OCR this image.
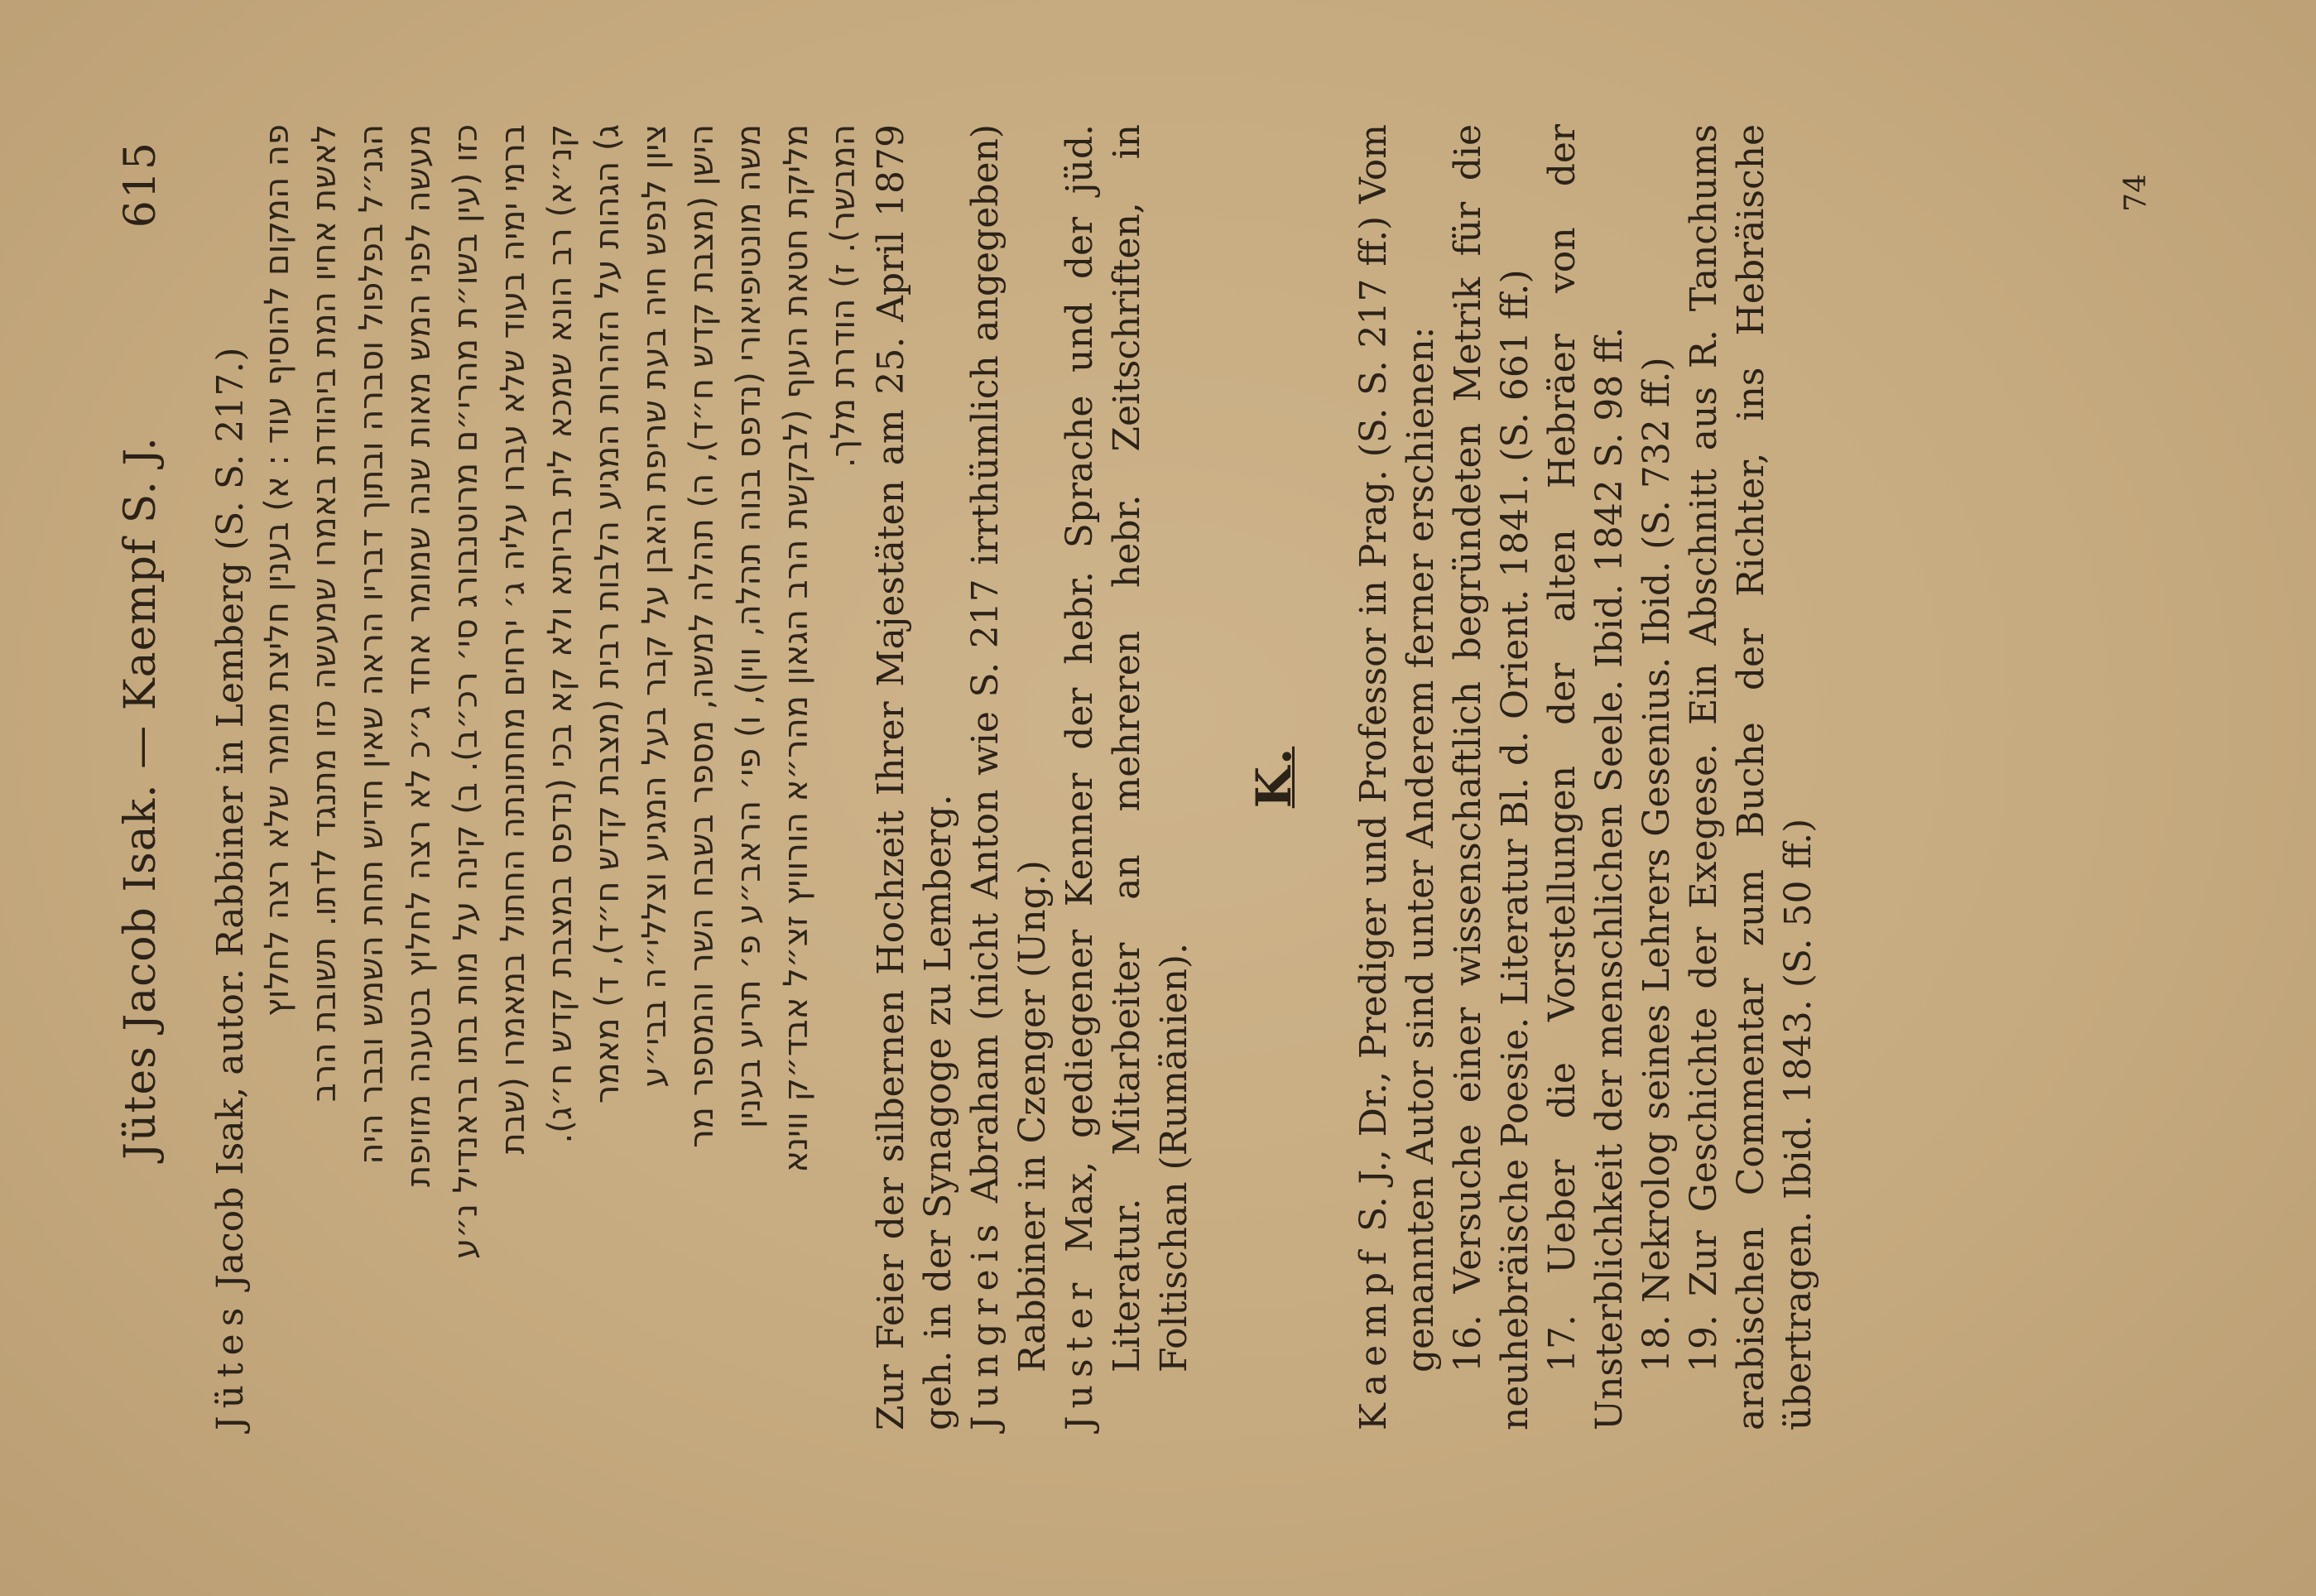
Jütes Jacob Isak. — Kaempf S. J.
615

Jütes Jacob Isak, autor. Rabbiner in Lemberg (S. S. 217.) פה המקום להוסיף עוד : א) בענין חליצת מומר שלא רצה לחלוץ לאשת אחיו המת ביהודת באמרו שמעשה כזו מתנגד לדתו. תשובת הרב הגנ״ל בפלפול וסברה ובתוך דבריו הראה שאין חדיש תחת השמש ובבר היה מעשה לפני המש מאות שנה שמומר אחד ג״כ לא רצה לחלוץ בטענה מזויפת כזו (עין בשו״ת מהרי״ם מרוטנבורג סי׳ רכ״ב). ב) קינה על מות בתו בראנדיל נ״ע ברמי ימיה בעוד שלא עברו עליה ג׳ ירחים מחתונתה החתול במאמרו (שבת קנ״א) רב הונא שמכא לית בריתא ולא קא בכי (נדפס במצבת קדש ח״ג). ג) הגהות על הזהרות המגיע הלבות רבית (מצבת קדש ח״ד), ד) מאמר ציון לנפש חיה בעת שריפת האבן על קבר בעל המגיע וצללי״ה בבי״ע הישן (מצבת קדש ח״ד), ה) תהלה למשה, מספר בשבח השר והמספר מר משה מונטיפיאורי (נדפס בנוה תהלה, ווין), ו) פי׳ הראב״ע פ׳ תריע בענין מליקת חטאת העוף (לבקשת הרב הגאון מהר״א הורוויץ זצ״ל אבד״ק ווינא המבשר). ז) הודרת מלך. Zur Feier der silbernen Hochzeit Ihrer Majestäten am 25. April 1879 geh. in der Synagoge zu Lemberg. Jungreis Abraham (nicht Anton wie S. 217 irrthümlich angegeben) Rabbiner in Czenger (Ung.) Juster Max, gediegener Kenner der hebr. Sprache und der jüd. Literatur. Mitarbeiter an mehreren hebr. Zeitschriften, in Foltischan (Rumänien).

K.

Kaempf S. J., Dr., Prediger und Professor in Prag. (S. S. 217 ff.) Vom genannten Autor sind unter Anderem ferner erschienen: 16. Versuche einer wissenschaftlich begründeten Metrik für die neuhebräische Poesie. Literatur Bl. d. Orient. 1841. (S. 661 ff.) 17. Ueber die Vorstellungen der alten Hebräer von der Unsterblichkeit der menschlichen Seele. Ibid. 1842 S. 98 ff. 18. Nekrolog seines Lehrers Gesenius. Ibid. (S. 732 ff.) 19. Zur Geschichte der Exegese. Ein Abschnitt aus R. Tanchums arabischen Commentar zum Buche der Richter, ins Hebräische übertragen. Ibid. 1843. (S. 50 ff.)

74
